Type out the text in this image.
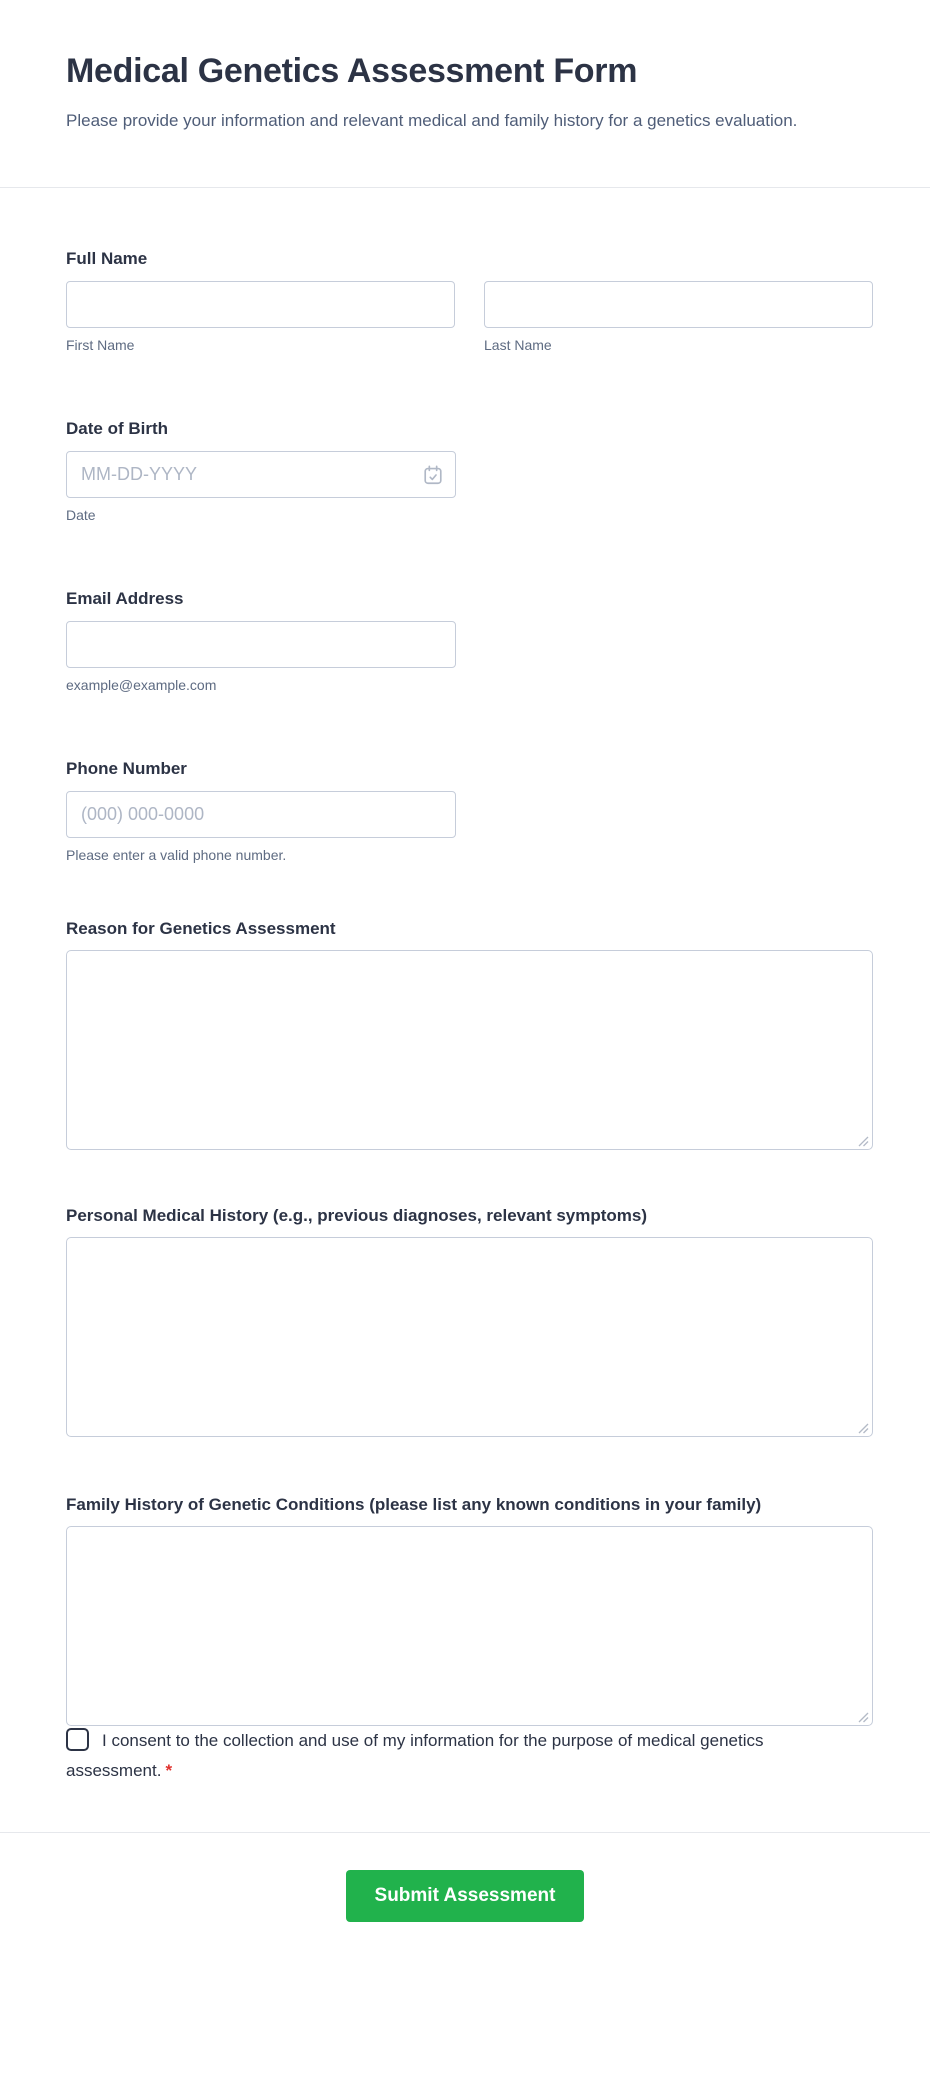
Medical Genetics Assessment Form

Please provide your information and relevant medical and family history for a genetics evaluation.

Full Name
First Name	Last Name
Date of Birth
MM-DD-YYYY
Date
Email Address
example@example.com
Phone Number
(000) 000-0000
Please enter a valid phone number.
Reason for Genetics Assessment
Personal Medical History (e.g., previous diagnoses, relevant symptoms)
Family History of Genetic Conditions (please list any known conditions in your family)
I consent to the collection and use of my information for the purpose of medical genetics assessment. *
Submit Assessment
